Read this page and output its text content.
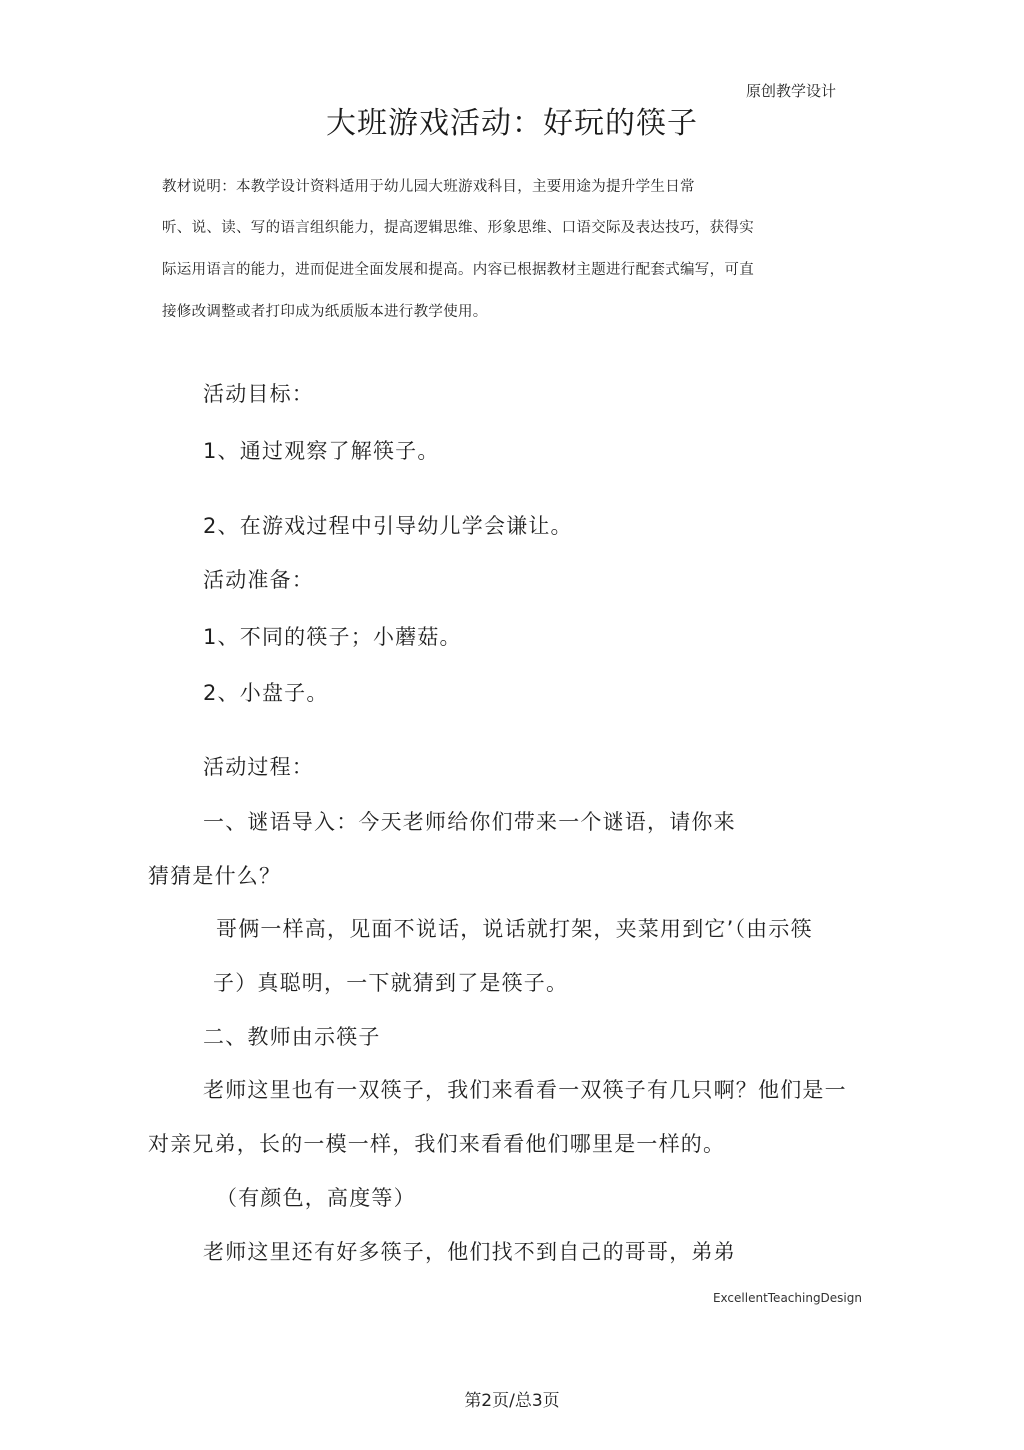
原创教学设计
大班游戏活动：好玩的筷子
教材说明：本教学设计资料适用于幼儿园大班游戏科目，主要用途为提升学生日常
听、说、读、写的语言组织能力，提高逻辑思维、形象思维、口语交际及表达技巧，获得实
际运用语言的能力，进而促进全面发展和提高。内容已根据教材主题进行配套式编写，可直
接修改调整或者打印成为纸质版本进行教学使用。
活动目标：
1、通过观察了解筷子。
2、在游戏过程中引导幼儿学会谦让。
活动准备：
1、不同的筷子；小蘑菇。
2、小盘子。
活动过程：
一、谜语导入：今天老师给你们带来一个谜语，请你来
猜猜是什么？
哥俩一样高，见面不说话，说话就打架，夹菜用到它’（由示筷
子）真聪明，一下就猜到了是筷子。
二、教师由示筷子
老师这里也有一双筷子，我们来看看一双筷子有几只啊？他们是一
对亲兄弟，长的一模一样，我们来看看他们哪里是一样的。
（有颜色，高度等）
老师这里还有好多筷子，他们找不到自己的哥哥，弟弟
ExcellentTeachingDesign
第2页/总3页
